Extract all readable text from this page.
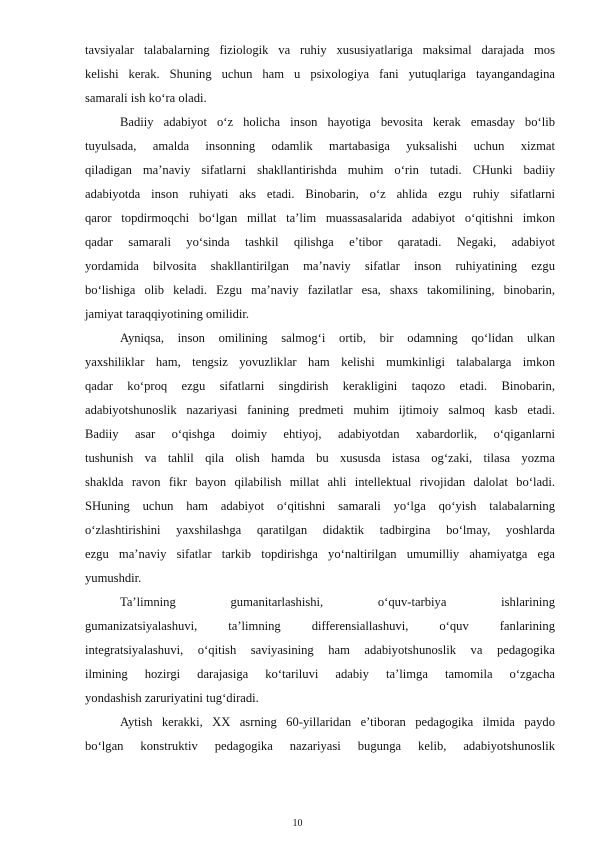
tavsiyalar talabalarning fiziologik va ruhiy xususiyatlariga maksimal darajada mos
kelishi kerak. Shuning uchun ham u psixologiya fani yutuqlariga tayangandagina
samarali ish ko‘ra oladi.
Badiiy adabiyot o‘z holicha inson hayotiga bevosita kerak emasday bo‘lib
tuyulsada, amalda insonning odamlik martabasiga yuksalishi uchun xizmat
qiladigan ma’naviy sifatlarni shakllantirishda muhim o‘rin tutadi. CHunki badiiy
adabiyotda inson ruhiyati aks etadi. Binobarin, o‘z ahlida ezgu ruhiy sifatlarni
qaror topdirmoqchi bo‘lgan millat ta’lim muassasalarida adabiyot o‘qitishni imkon
qadar samarali yo‘sinda tashkil qilishga e’tibor qaratadi. Negaki, adabiyot
yordamida bilvosita shakllantirilgan ma’naviy sifatlar inson ruhiyatining ezgu
bo‘lishiga olib keladi. Ezgu ma’naviy fazilatlar esa, shaxs takomilining, binobarin,
jamiyat taraqqiyotining omilidir.
Ayniqsa, inson omilining salmog‘i ortib, bir odamning qo‘lidan ulkan
yaxshiliklar ham, tengsiz yovuzliklar ham kelishi mumkinligi talabalarga imkon
qadar ko‘proq ezgu sifatlarni singdirish kerakligini taqozo etadi. Binobarin,
adabiyotshunoslik nazariyasi fanining predmeti muhim ijtimoiy salmoq kasb etadi.
Badiiy asar o‘qishga doimiy ehtiyoj, adabiyotdan xabardorlik, o‘qiganlarni
tushunish va tahlil qila olish hamda bu xususda istasa og‘zaki, tilasa yozma
shaklda ravon fikr bayon qilabilish millat ahli intellektual rivojidan dalolat bo‘ladi.
SHuning uchun ham adabiyot o‘qitishni samarali yo‘lga qo‘yish talabalarning
o‘zlashtirishini yaxshilashga qaratilgan didaktik tadbirgina bo‘lmay, yoshlarda
ezgu ma’naviy sifatlar tarkib topdirishga yo‘naltirilgan umumilliy ahamiyatga ega
yumushdir.
Ta’limning gumanitarlashishi, o‘quv-tarbiya ishlarining
gumanizatsiyalashuvi, ta’limning differensiallashuvi, o‘quv fanlarining
integratsiyalashuvi, o‘qitish saviyasining ham adabiyotshunoslik va pedagogika
ilmining hozirgi darajasiga ko‘tariluvi adabiy ta’limga tamomila o‘zgacha
yondashish zaruriyatini tug‘diradi.
Aytish kerakki, XX asrning 60-yillaridan e’tiboran pedagogika ilmida paydo
bo‘lgan konstruktiv pedagogika nazariyasi bugunga kelib, adabiyotshunoslik
10
